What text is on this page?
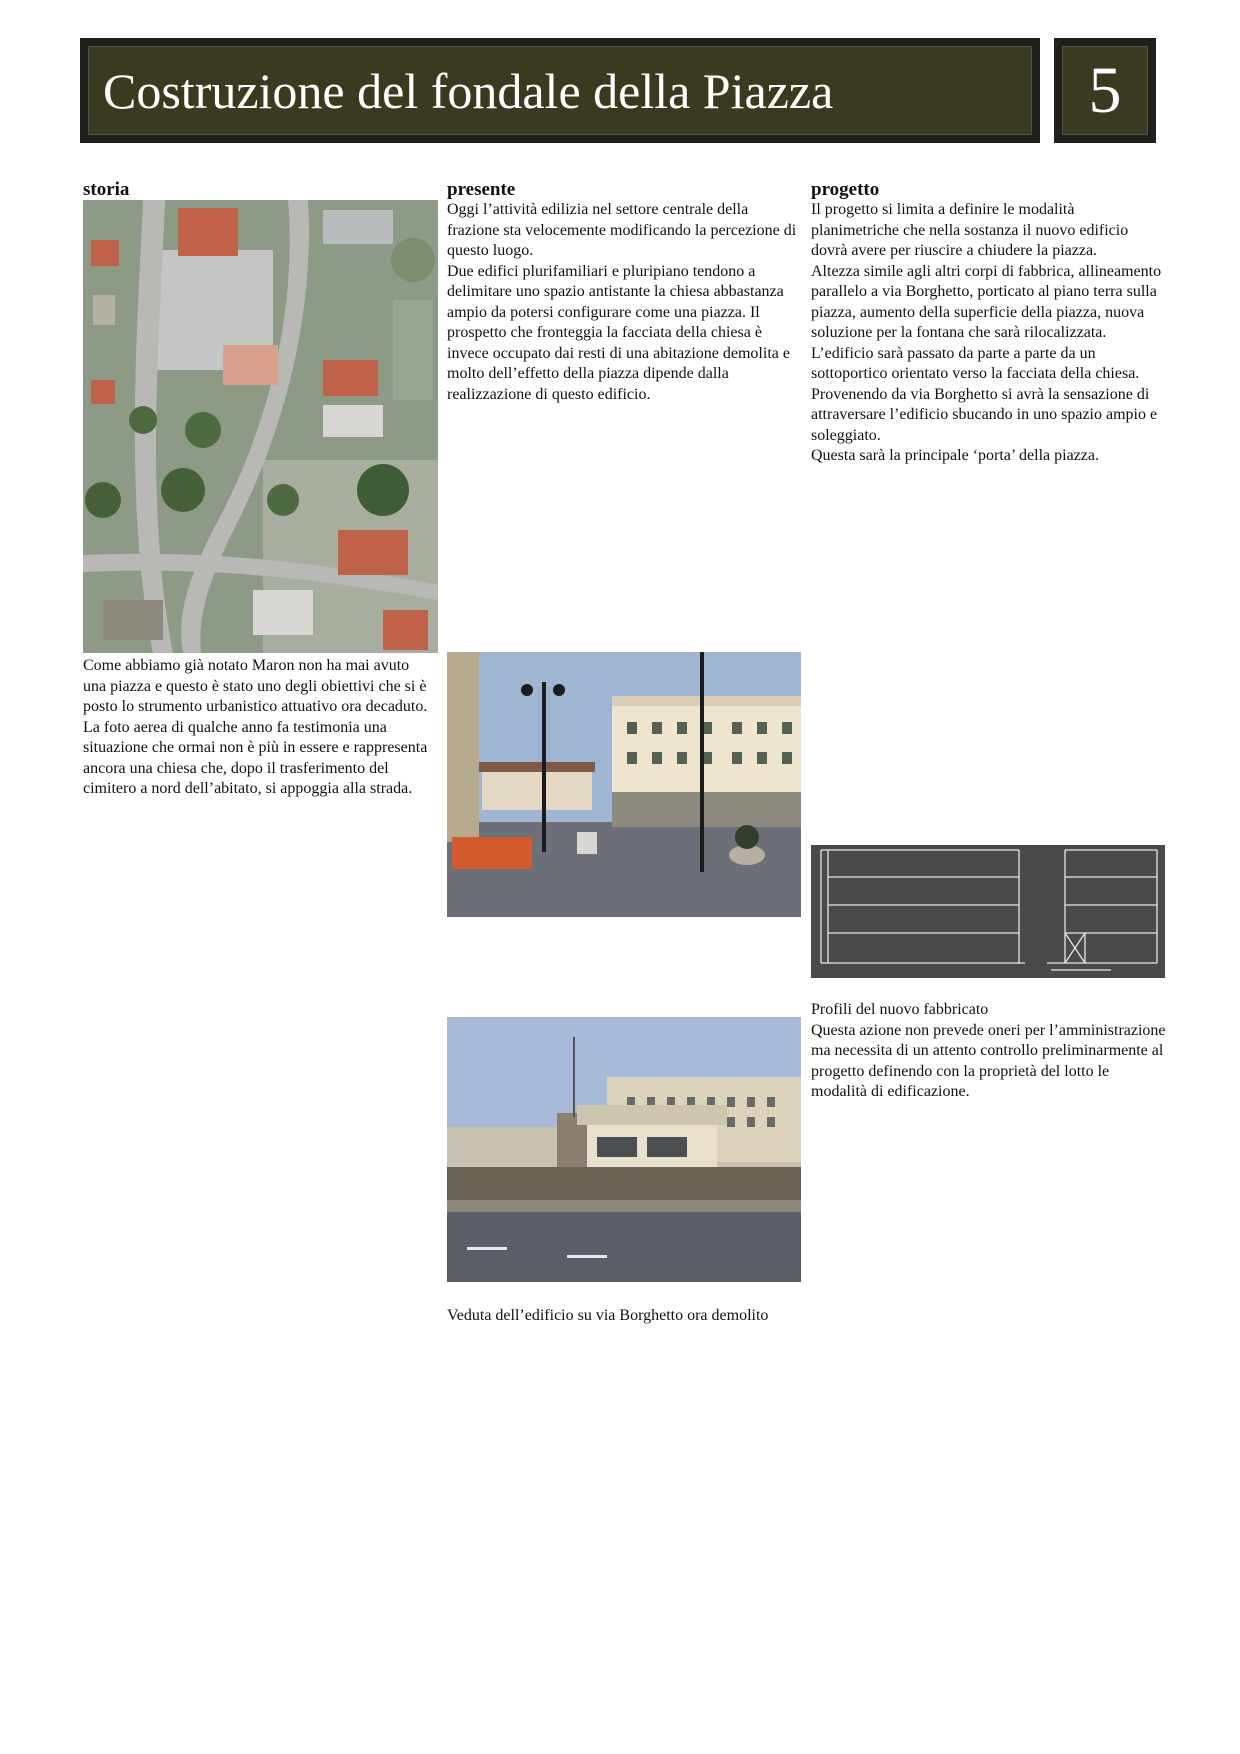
Costruzione del fondale della Piazza	5
storia	presente	progetto

Come abbiamo già notato Maron non ha mai avuto una piazza e questo è stato uno degli obiettivi che si è posto lo strumento urbanistico attuativo ora decaduto.

La foto aerea di qualche anno fa testimonia una situazione che ormai non è più in essere e rappresenta ancora una chiesa che, dopo il trasferimento del cimitero a nord dell’abitato, si appoggia alla strada.

Oggi l’attività edilizia nel settore centrale della frazione sta velocemente modificando la percezione di questo luogo.

Due edifici plurifamiliari e pluripiano tendono a delimitare uno spazio antistante la chiesa abbastanza ampio da potersi configurare come una piazza. Il prospetto che fronteggia la facciata della chiesa è invece occupato dai resti di una abitazione demolita e molto dell’effetto della piazza dipende dalla realizzazione di questo edificio.

Veduta dell’edificio su via Borghetto ora demolito

Il progetto si limita a definire le modalità planimetriche che nella sostanza il nuovo edificio dovrà avere per riuscire a chiudere la piazza.

Altezza simile agli altri corpi di fabbrica, allineamento parallelo a via Borghetto, porticato al piano terra sulla piazza, aumento della superficie della piazza, nuova soluzione per la fontana che sarà rilocalizzata.

L’edificio sarà passato da parte a parte da un sottoportico orientato verso la facciata della chiesa. Provenendo da via Borghetto si avrà la sensazione di attraversare l’edificio sbucando in uno spazio ampio e soleggiato.

Questa sarà la principale ‘porta’ della piazza.

Profili del nuovo fabbricato

Questa azione non prevede oneri per l’amministrazione ma necessita di un attento controllo preliminarmente al progetto definendo con la proprietà del lotto le modalità di edificazione.
